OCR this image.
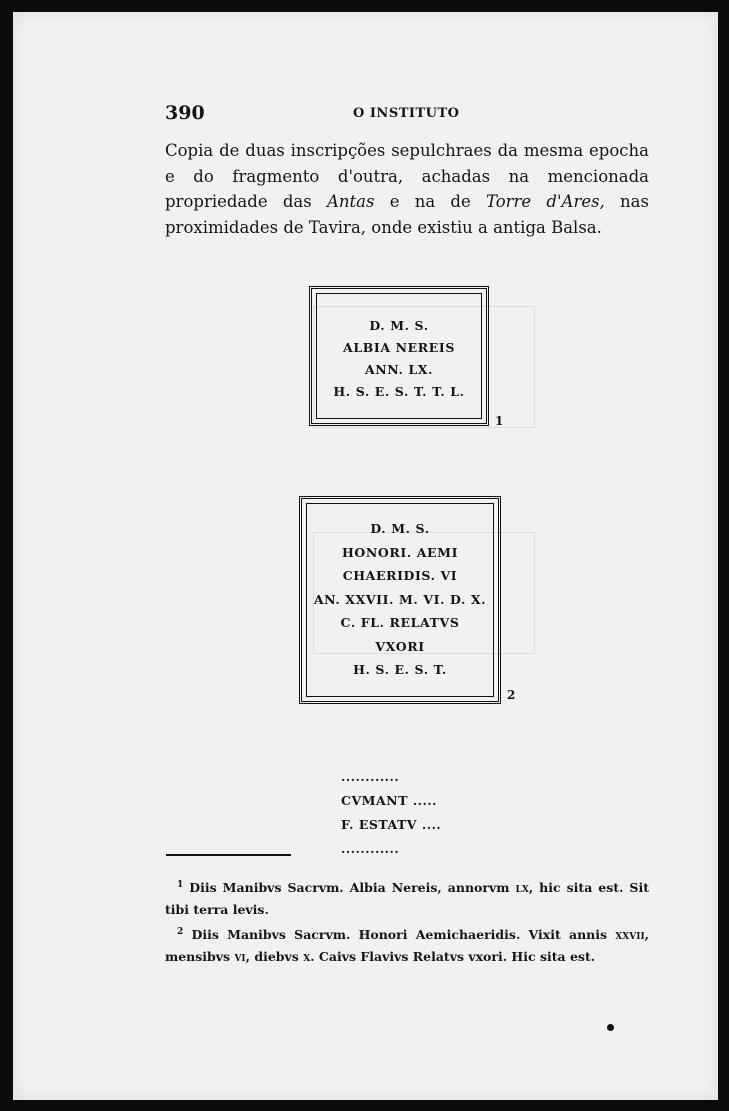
390	O INSTITUTO
Copia de duas inscripções sepulchraes da mesma epocha e do fragmento d'outra, achadas na mencionada propriedade das Antas e na de Torre d'Ares, nas proximidades de Tavira, onde existiu a antiga Balsa.
D. M. S.
ALBIA NEREIS
ANN. LX.
H. S. E. S. T. T. L.
1
D. M. S.
HONORI. AEMI
CHAERIDIS. VI
AN. XXVII. M. VI. D. X.
C. FL. RELATVS
VXORI
H. S. E. S. T.
2
............
CVMANT .....
F. ESTATV ....
............

$^1$ Diis Manibvs Sacrvm. Albia Nereis, annorvm lx, hic sita est. Sit tibi terra levis.

$^2$ Diis Manibvs Sacrvm. Honori Aemichaeridis. Vixit annis xxvii, mensibvs vi, diebvs x. Caivs Flavivs Relatvs vxori. Hic sita est.
